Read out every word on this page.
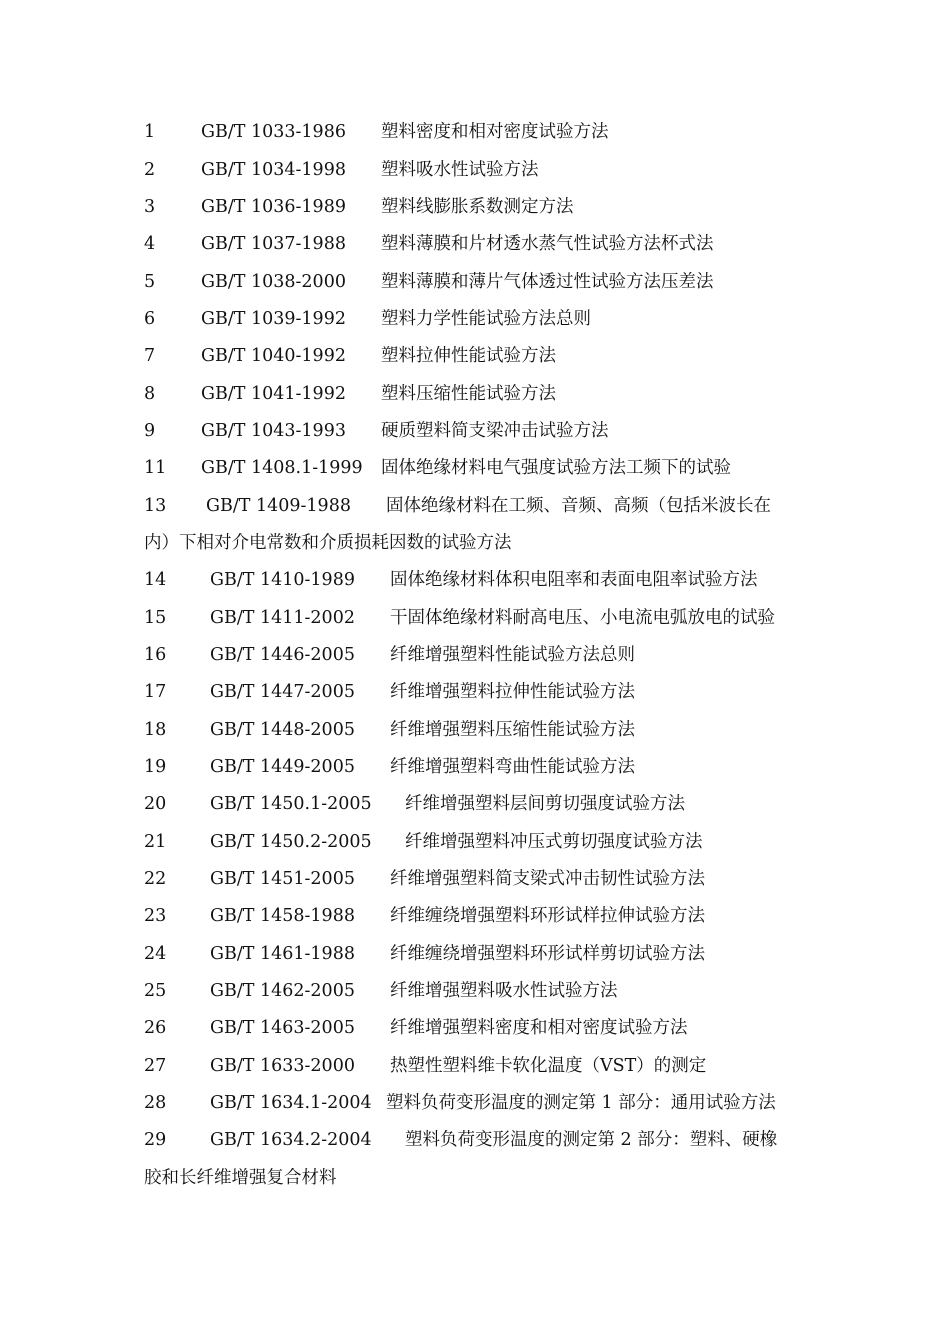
1	GB/T 1033-1986 塑料密度和相对密度试验方法
2	GB/T 1034-1998 塑料吸水性试验方法
3	GB/T 1036-1989 塑料线膨胀系数测定方法
4	GB/T 1037-1988 塑料薄膜和片材透水蒸气性试验方法杯式法
5	GB/T 1038-2000 塑料薄膜和薄片气体透过性试验方法压差法
6	GB/T 1039-1992 塑料力学性能试验方法总则
7	GB/T 1040-1992 塑料拉伸性能试验方法
8	GB/T 1041-1992 塑料压缩性能试验方法
9	GB/T 1043-1993 硬质塑料简支梁冲击试验方法
11 GB/T 1408.1-1999 固体绝缘材料电气强度试验方法工频下的试验
13 GB/T 1409-1988 固体绝缘材料在工频、音频、高频（包括米波长在
内）下相对介电常数和介质损耗因数的试验方法
14 GB/T 1410-1989 固体绝缘材料体积电阻率和表面电阻率试验方法
15 GB/T 1411-2002 干固体绝缘材料耐高电压、小电流电弧放电的试验
16 GB/T 1446-2005 纤维增强塑料性能试验方法总则
17 GB/T 1447-2005 纤维增强塑料拉伸性能试验方法
18 GB/T 1448-2005 纤维增强塑料压缩性能试验方法
19 GB/T 1449-2005 纤维增强塑料弯曲性能试验方法
20 GB/T 1450.1-2005 纤维增强塑料层间剪切强度试验方法
21 GB/T 1450.2-2005 纤维增强塑料冲压式剪切强度试验方法
22 GB/T 1451-2005 纤维增强塑料简支梁式冲击韧性试验方法
23 GB/T 1458-1988 纤维缠绕增强塑料环形试样拉伸试验方法
24 GB/T 1461-1988 纤维缠绕增强塑料环形试样剪切试验方法
25 GB/T 1462-2005 纤维增强塑料吸水性试验方法
26 GB/T 1463-2005 纤维增强塑料密度和相对密度试验方法
27 GB/T 1633-2000 热塑性塑料维卡软化温度（VST）的测定
28 GB/T 1634.1-2004 塑料负荷变形温度的测定第 1 部分：通用试验方法
29 GB/T 1634.2-2004 塑料负荷变形温度的测定第 2 部分：塑料、硬橡
胶和长纤维增强复合材料
